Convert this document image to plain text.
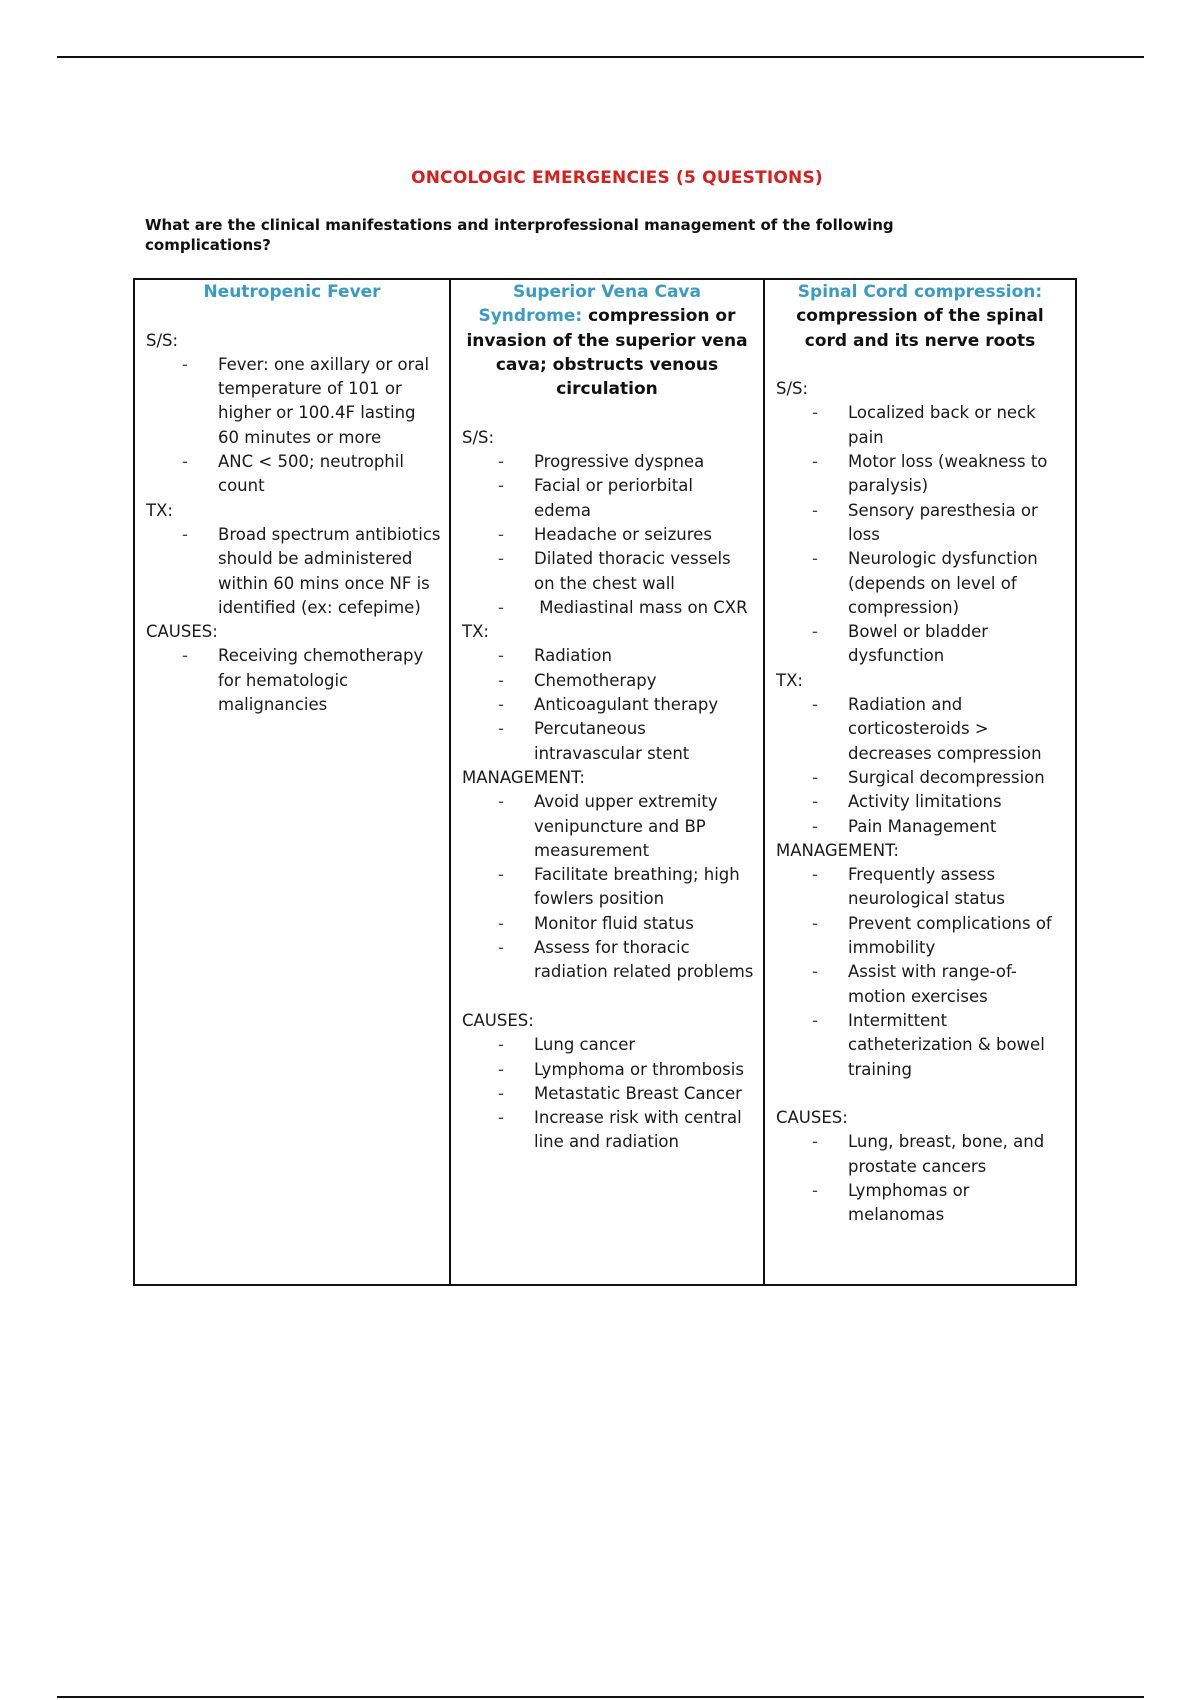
ONCOLOGIC EMERGENCIES (5 QUESTIONS)
What are the clinical manifestations and interprofessional management of the following complications?
Neutropenic Fever
S/S:
- Fever: one axillary or oral temperature of 101 or higher or 100.4F lasting 60 minutes or more
- ANC < 500; neutrophil count
TX:
- Broad spectrum antibiotics should be administered within 60 mins once NF is identified (ex: cefepime)
CAUSES:
- Receiving chemotherapy for hematologic malignancies
Superior Vena Cava Syndrome: compression or invasion of the superior vena cava; obstructs venous circulation
S/S:
- Progressive dyspnea
- Facial or periorbital edema
- Headache or seizures
- Dilated thoracic vessels on the chest wall
-  Mediastinal mass on CXR
TX:
- Radiation
- Chemotherapy
- Anticoagulant therapy
- Percutaneous intravascular stent
MANAGEMENT:
- Avoid upper extremity venipuncture and BP measurement
- Facilitate breathing; high fowlers position
- Monitor fluid status
- Assess for thoracic radiation related problems
CAUSES:
- Lung cancer
- Lymphoma or thrombosis
- Metastatic Breast Cancer
- Increase risk with central line and radiation
Spinal Cord compression: compression of the spinal cord and its nerve roots
S/S:
- Localized back or neck pain
- Motor loss (weakness to paralysis)
- Sensory paresthesia or loss
- Neurologic dysfunction (depends on level of compression)
- Bowel or bladder dysfunction
TX:
- Radiation and corticosteroids > decreases compression
- Surgical decompression
- Activity limitations
- Pain Management
MANAGEMENT:
- Frequently assess neurological status
- Prevent complications of immobility
- Assist with range-of-motion exercises
- Intermittent catheterization & bowel training
CAUSES:
- Lung, breast, bone, and prostate cancers
- Lymphomas or melanomas
